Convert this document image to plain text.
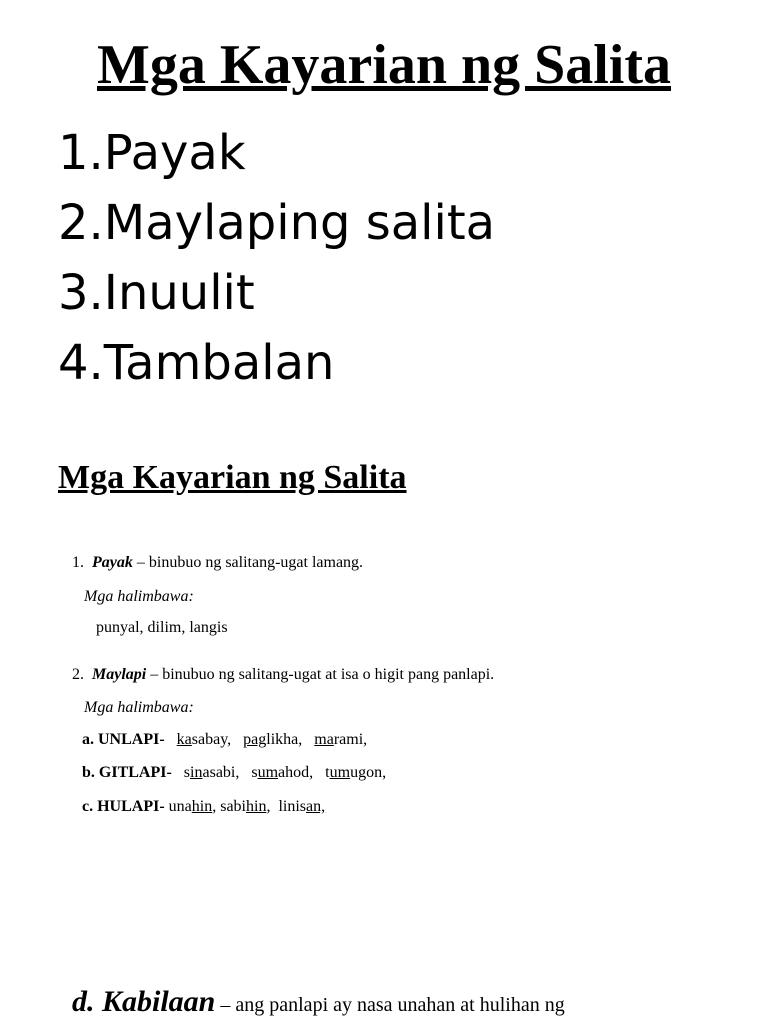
Mga Kayarian ng Salita
1.Payak
2.Maylaping salita
3.Inuulit
4.Tambalan
Mga Kayarian ng Salita
1. Payak – binubuo ng salitang-ugat lamang.
Mga halimbawa:
punyal, dilim, langis
2. Maylapi – binubuo ng salitang-ugat at isa o higit pang panlapi.
Mga halimbawa:
a. UNLAPI- kasabay, paglikha, marami,
b. GITLAPI- sinasabi, sumahod, tumugon,
c. HULAPI- unahin, sabihin, linisan,
d. Kabilaan – ang panlapi ay nasa unahan at hulihan ng
